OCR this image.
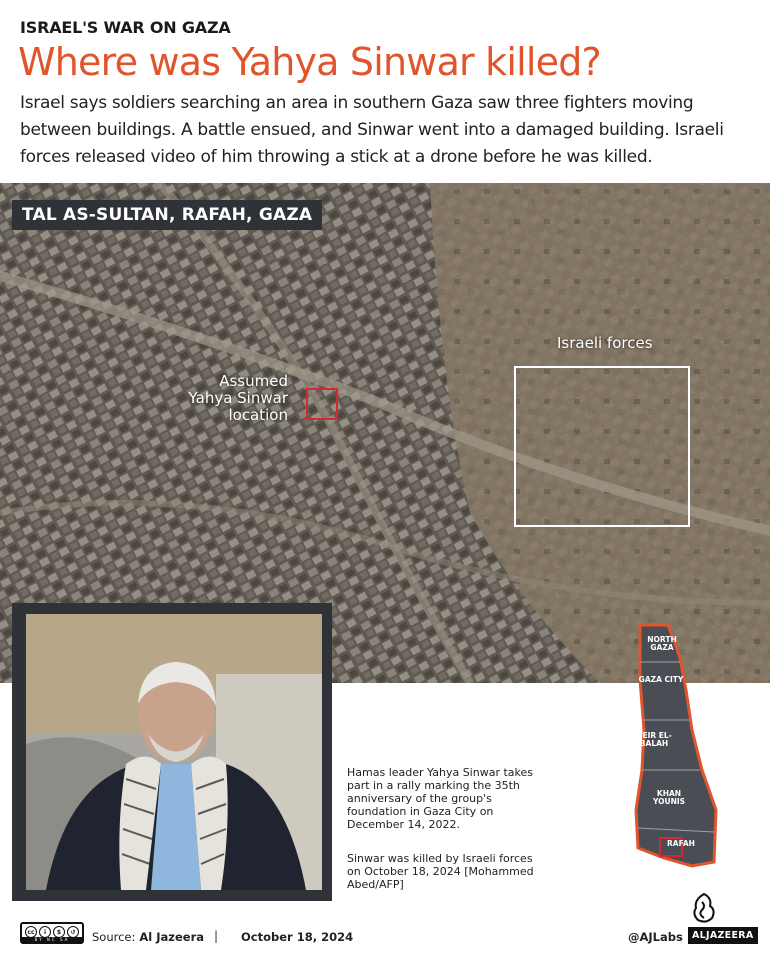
ISRAEL'S WAR ON GAZA
Where was Yahya Sinwar killed?
Israel says soldiers searching an area in southern Gaza saw three fighters moving between buildings. A battle ensued, and Sinwar went into a damaged building. Israeli forces released video of him throwing a stick at a drone before he was killed.
TAL AS-SULTAN, RAFAH, GAZA
Assumed
Yahya Sinwar
location
Israeli forces
Hamas leader Yahya Sinwar takes part in a rally marking the 35th anniversary of the group's foundation in Gaza City on December 14, 2022.
Sinwar was killed by Israeli forces on October 18, 2024 [Mohammed Abed/AFP]
NORTH GAZA
GAZA CITY
DEIR EL-BALAH
KHAN YOUNIS
RAFAH
cc	i	$	↺
BY NC SA	Source: Al Jazeera | October 18, 2024	@AJLabs ALJAZEERA
